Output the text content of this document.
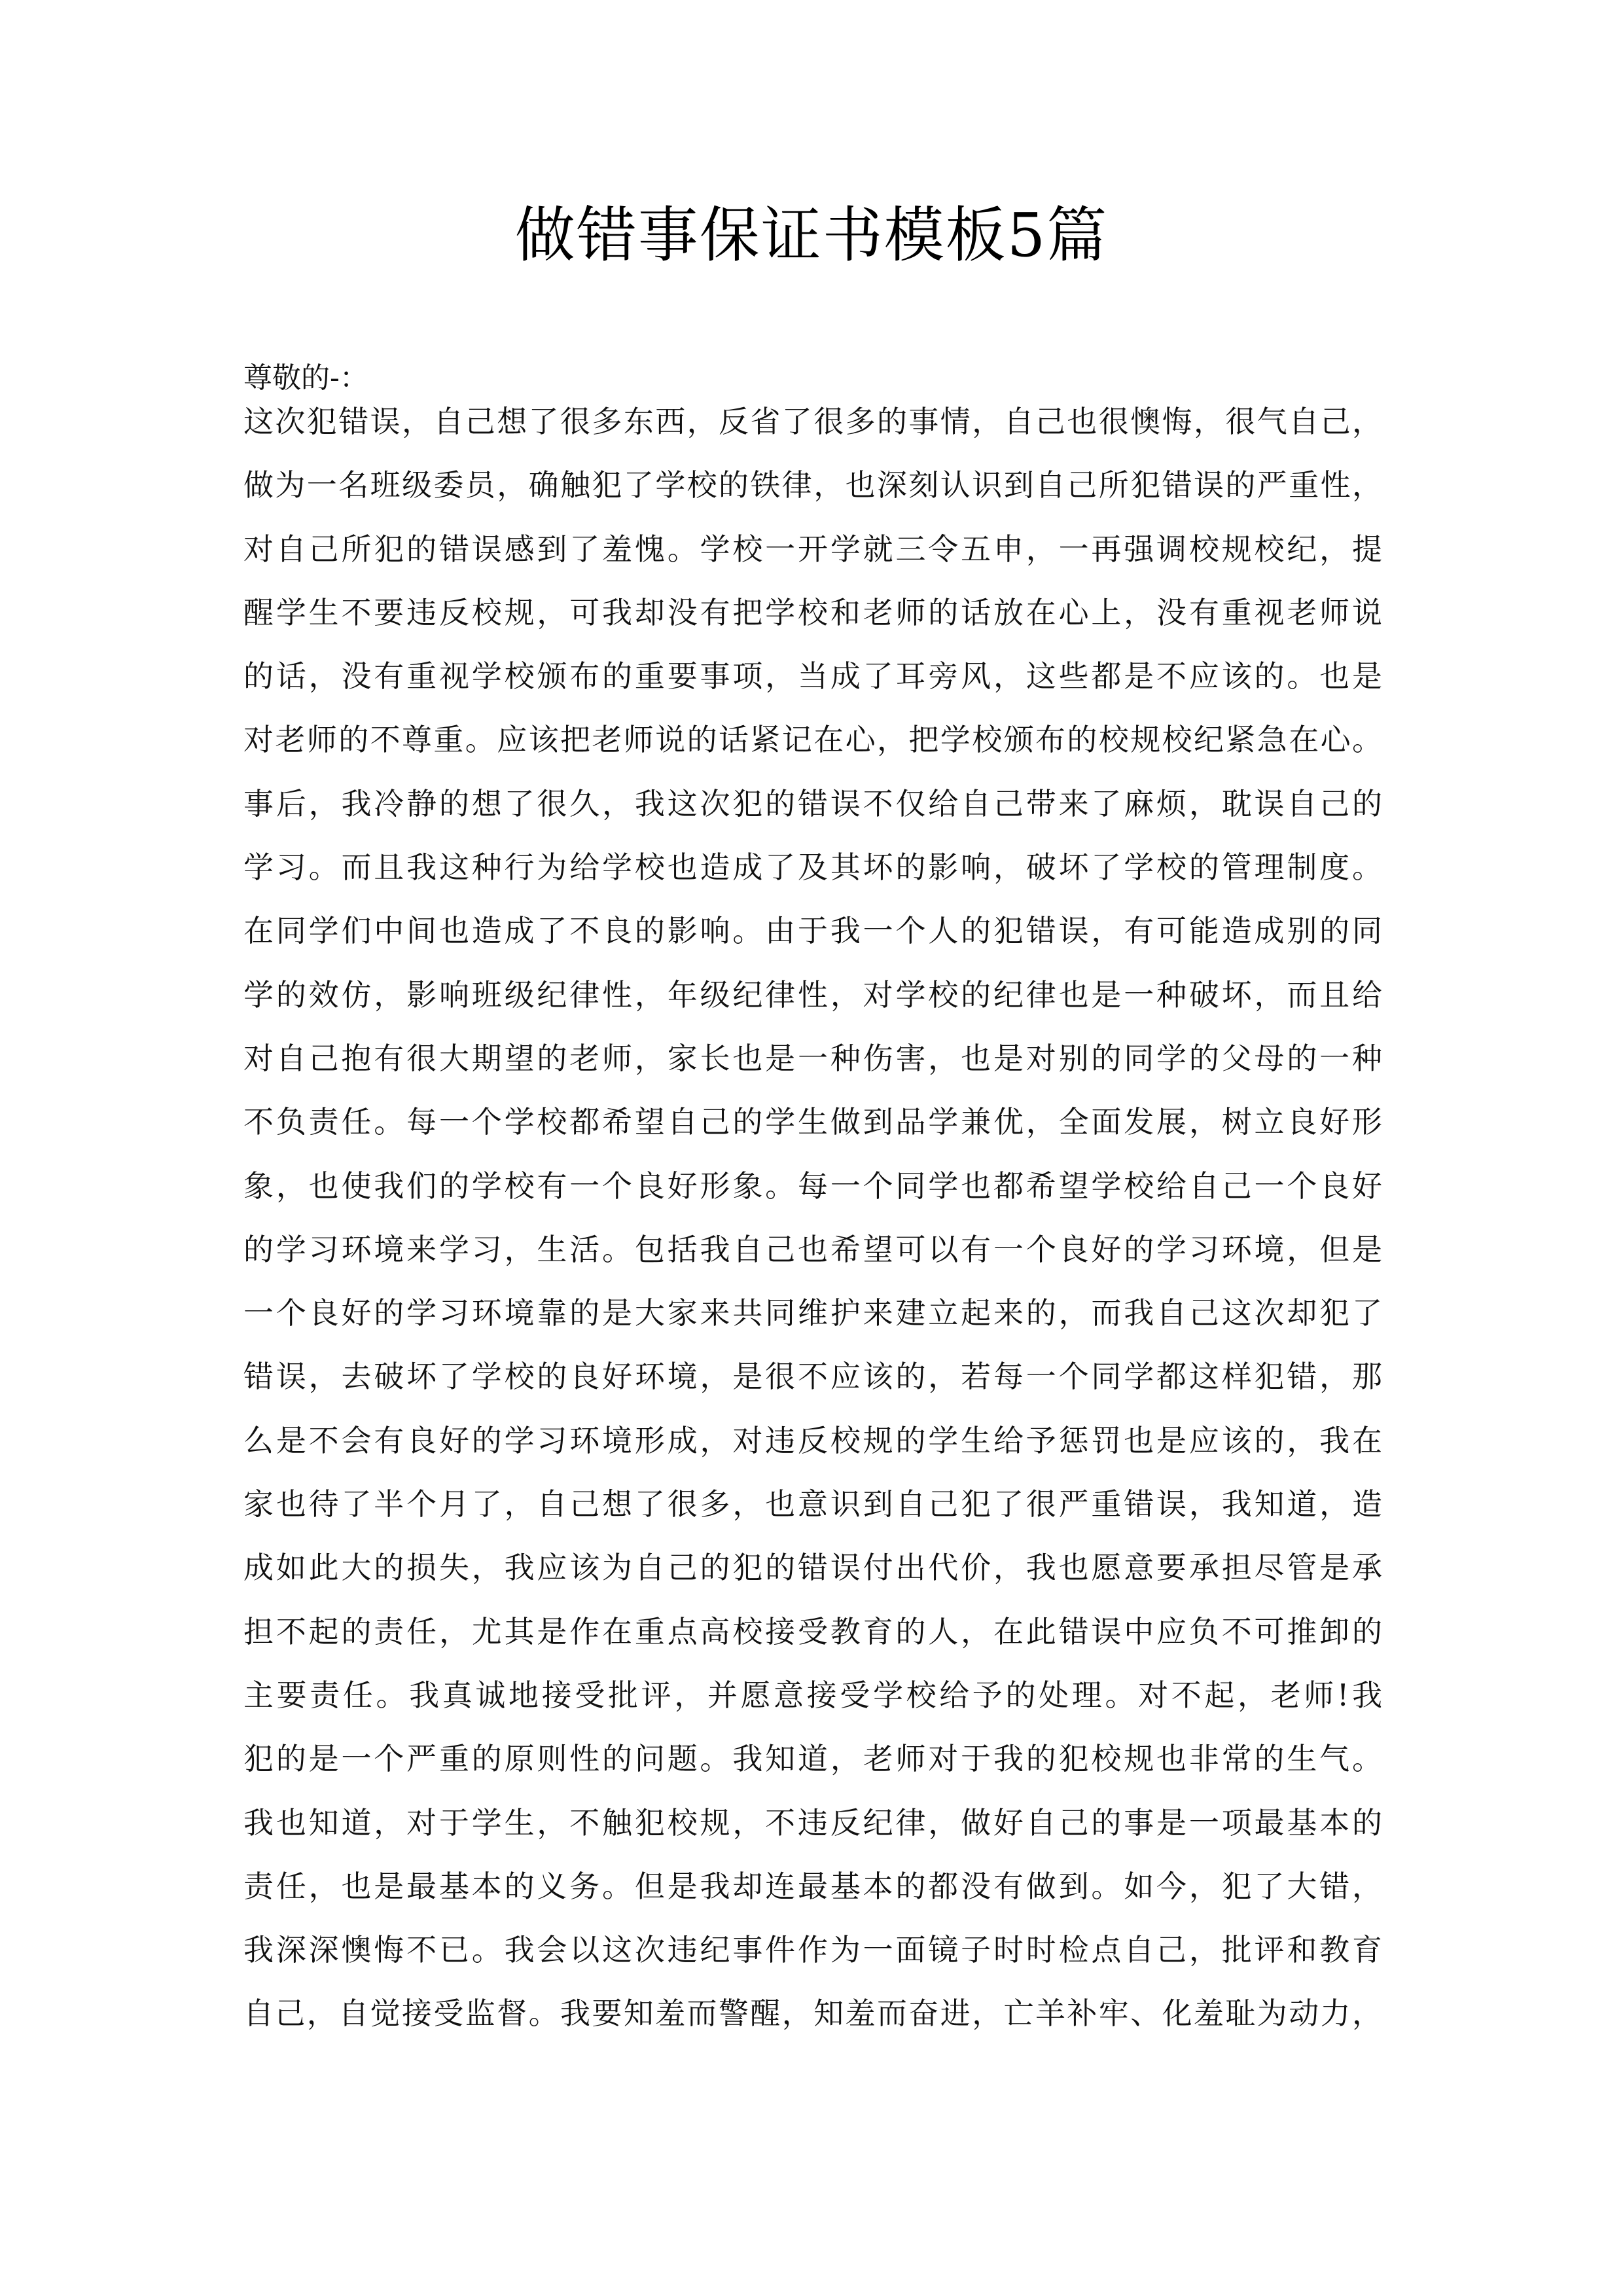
做错事保证书模板5篇
尊敬的-：
这次犯错误，自己想了很多东西，反省了很多的事情，自己也很懊悔，很气自己，
做为一名班级委员，确触犯了学校的铁律，也深刻认识到自己所犯错误的严重性，
对自己所犯的错误感到了羞愧。学校一开学就三令五申，一再强调校规校纪，提
醒学生不要违反校规，可我却没有把学校和老师的话放在心上，没有重视老师说
的话，没有重视学校颁布的重要事项，当成了耳旁风，这些都是不应该的。也是
对老师的不尊重。应该把老师说的话紧记在心，把学校颁布的校规校纪紧急在心。
事后，我冷静的想了很久，我这次犯的错误不仅给自己带来了麻烦，耽误自己的
学习。而且我这种行为给学校也造成了及其坏的影响，破坏了学校的管理制度。
在同学们中间也造成了不良的影响。由于我一个人的犯错误，有可能造成别的同
学的效仿，影响班级纪律性，年级纪律性，对学校的纪律也是一种破坏，而且给
对自己抱有很大期望的老师，家长也是一种伤害，也是对别的同学的父母的一种
不负责任。每一个学校都希望自己的学生做到品学兼优，全面发展，树立良好形
象，也使我们的学校有一个良好形象。每一个同学也都希望学校给自己一个良好
的学习环境来学习，生活。包括我自己也希望可以有一个良好的学习环境，但是
一个良好的学习环境靠的是大家来共同维护来建立起来的，而我自己这次却犯了
错误，去破坏了学校的良好环境，是很不应该的，若每一个同学都这样犯错，那
么是不会有良好的学习环境形成，对违反校规的学生给予惩罚也是应该的，我在
家也待了半个月了，自己想了很多，也意识到自己犯了很严重错误，我知道，造
成如此大的损失，我应该为自己的犯的错误付出代价，我也愿意要承担尽管是承
担不起的责任，尤其是作在重点高校接受教育的人，在此错误中应负不可推卸的
主要责任。我真诚地接受批评，并愿意接受学校给予的处理。对不起，老师!我
犯的是一个严重的原则性的问题。我知道，老师对于我的犯校规也非常的生气。
我也知道，对于学生，不触犯校规，不违反纪律，做好自己的事是一项最基本的
责任，也是最基本的义务。但是我却连最基本的都没有做到。如今，犯了大错，
我深深懊悔不已。我会以这次违纪事件作为一面镜子时时检点自己，批评和教育
自己，自觉接受监督。我要知羞而警醒，知羞而奋进，亡羊补牢、化羞耻为动力，
